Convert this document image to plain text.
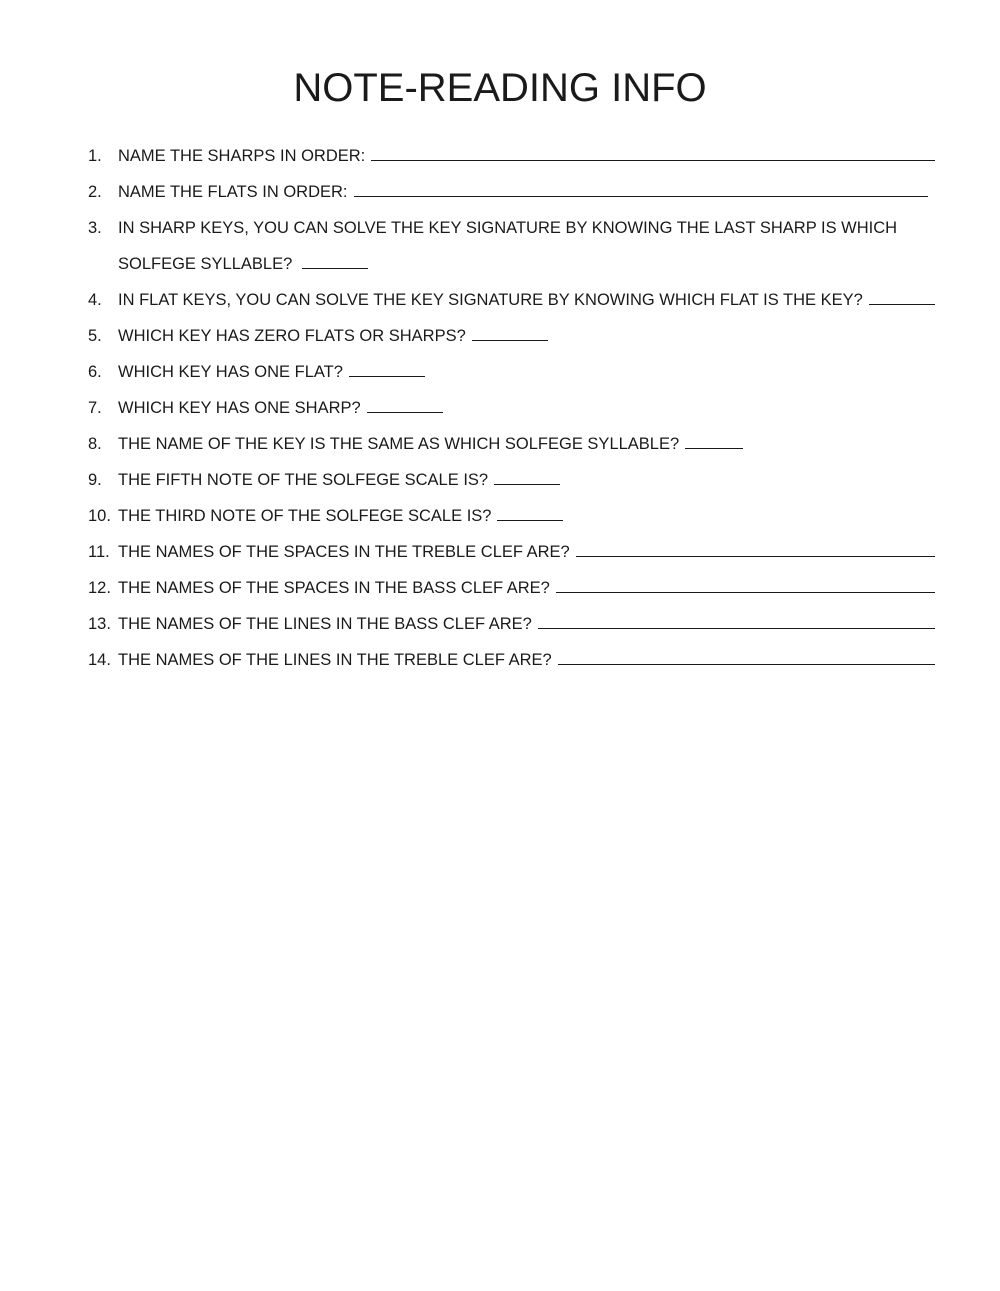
NOTE-READING INFO
1. NAME THE SHARPS IN ORDER:
2. NAME THE FLATS IN ORDER:
3. IN SHARP KEYS, YOU CAN SOLVE THE KEY SIGNATURE BY KNOWING THE LAST SHARP IS WHICH
SOLFEGE SYLLABLE?
4. IN FLAT KEYS, YOU CAN SOLVE THE KEY SIGNATURE BY KNOWING WHICH FLAT IS THE KEY?
5. WHICH KEY HAS ZERO FLATS OR SHARPS?
6. WHICH KEY HAS ONE FLAT?
7. WHICH KEY HAS ONE SHARP?
8. THE NAME OF THE KEY IS THE SAME AS WHICH SOLFEGE SYLLABLE?
9. THE FIFTH NOTE OF THE SOLFEGE SCALE IS?
10. THE THIRD NOTE OF THE SOLFEGE SCALE IS?
11. THE NAMES OF THE SPACES IN THE TREBLE CLEF ARE?
12. THE NAMES OF THE SPACES IN THE BASS CLEF ARE?
13. THE NAMES OF THE LINES IN THE BASS CLEF ARE?
14. THE NAMES OF THE LINES IN THE TREBLE CLEF ARE?
